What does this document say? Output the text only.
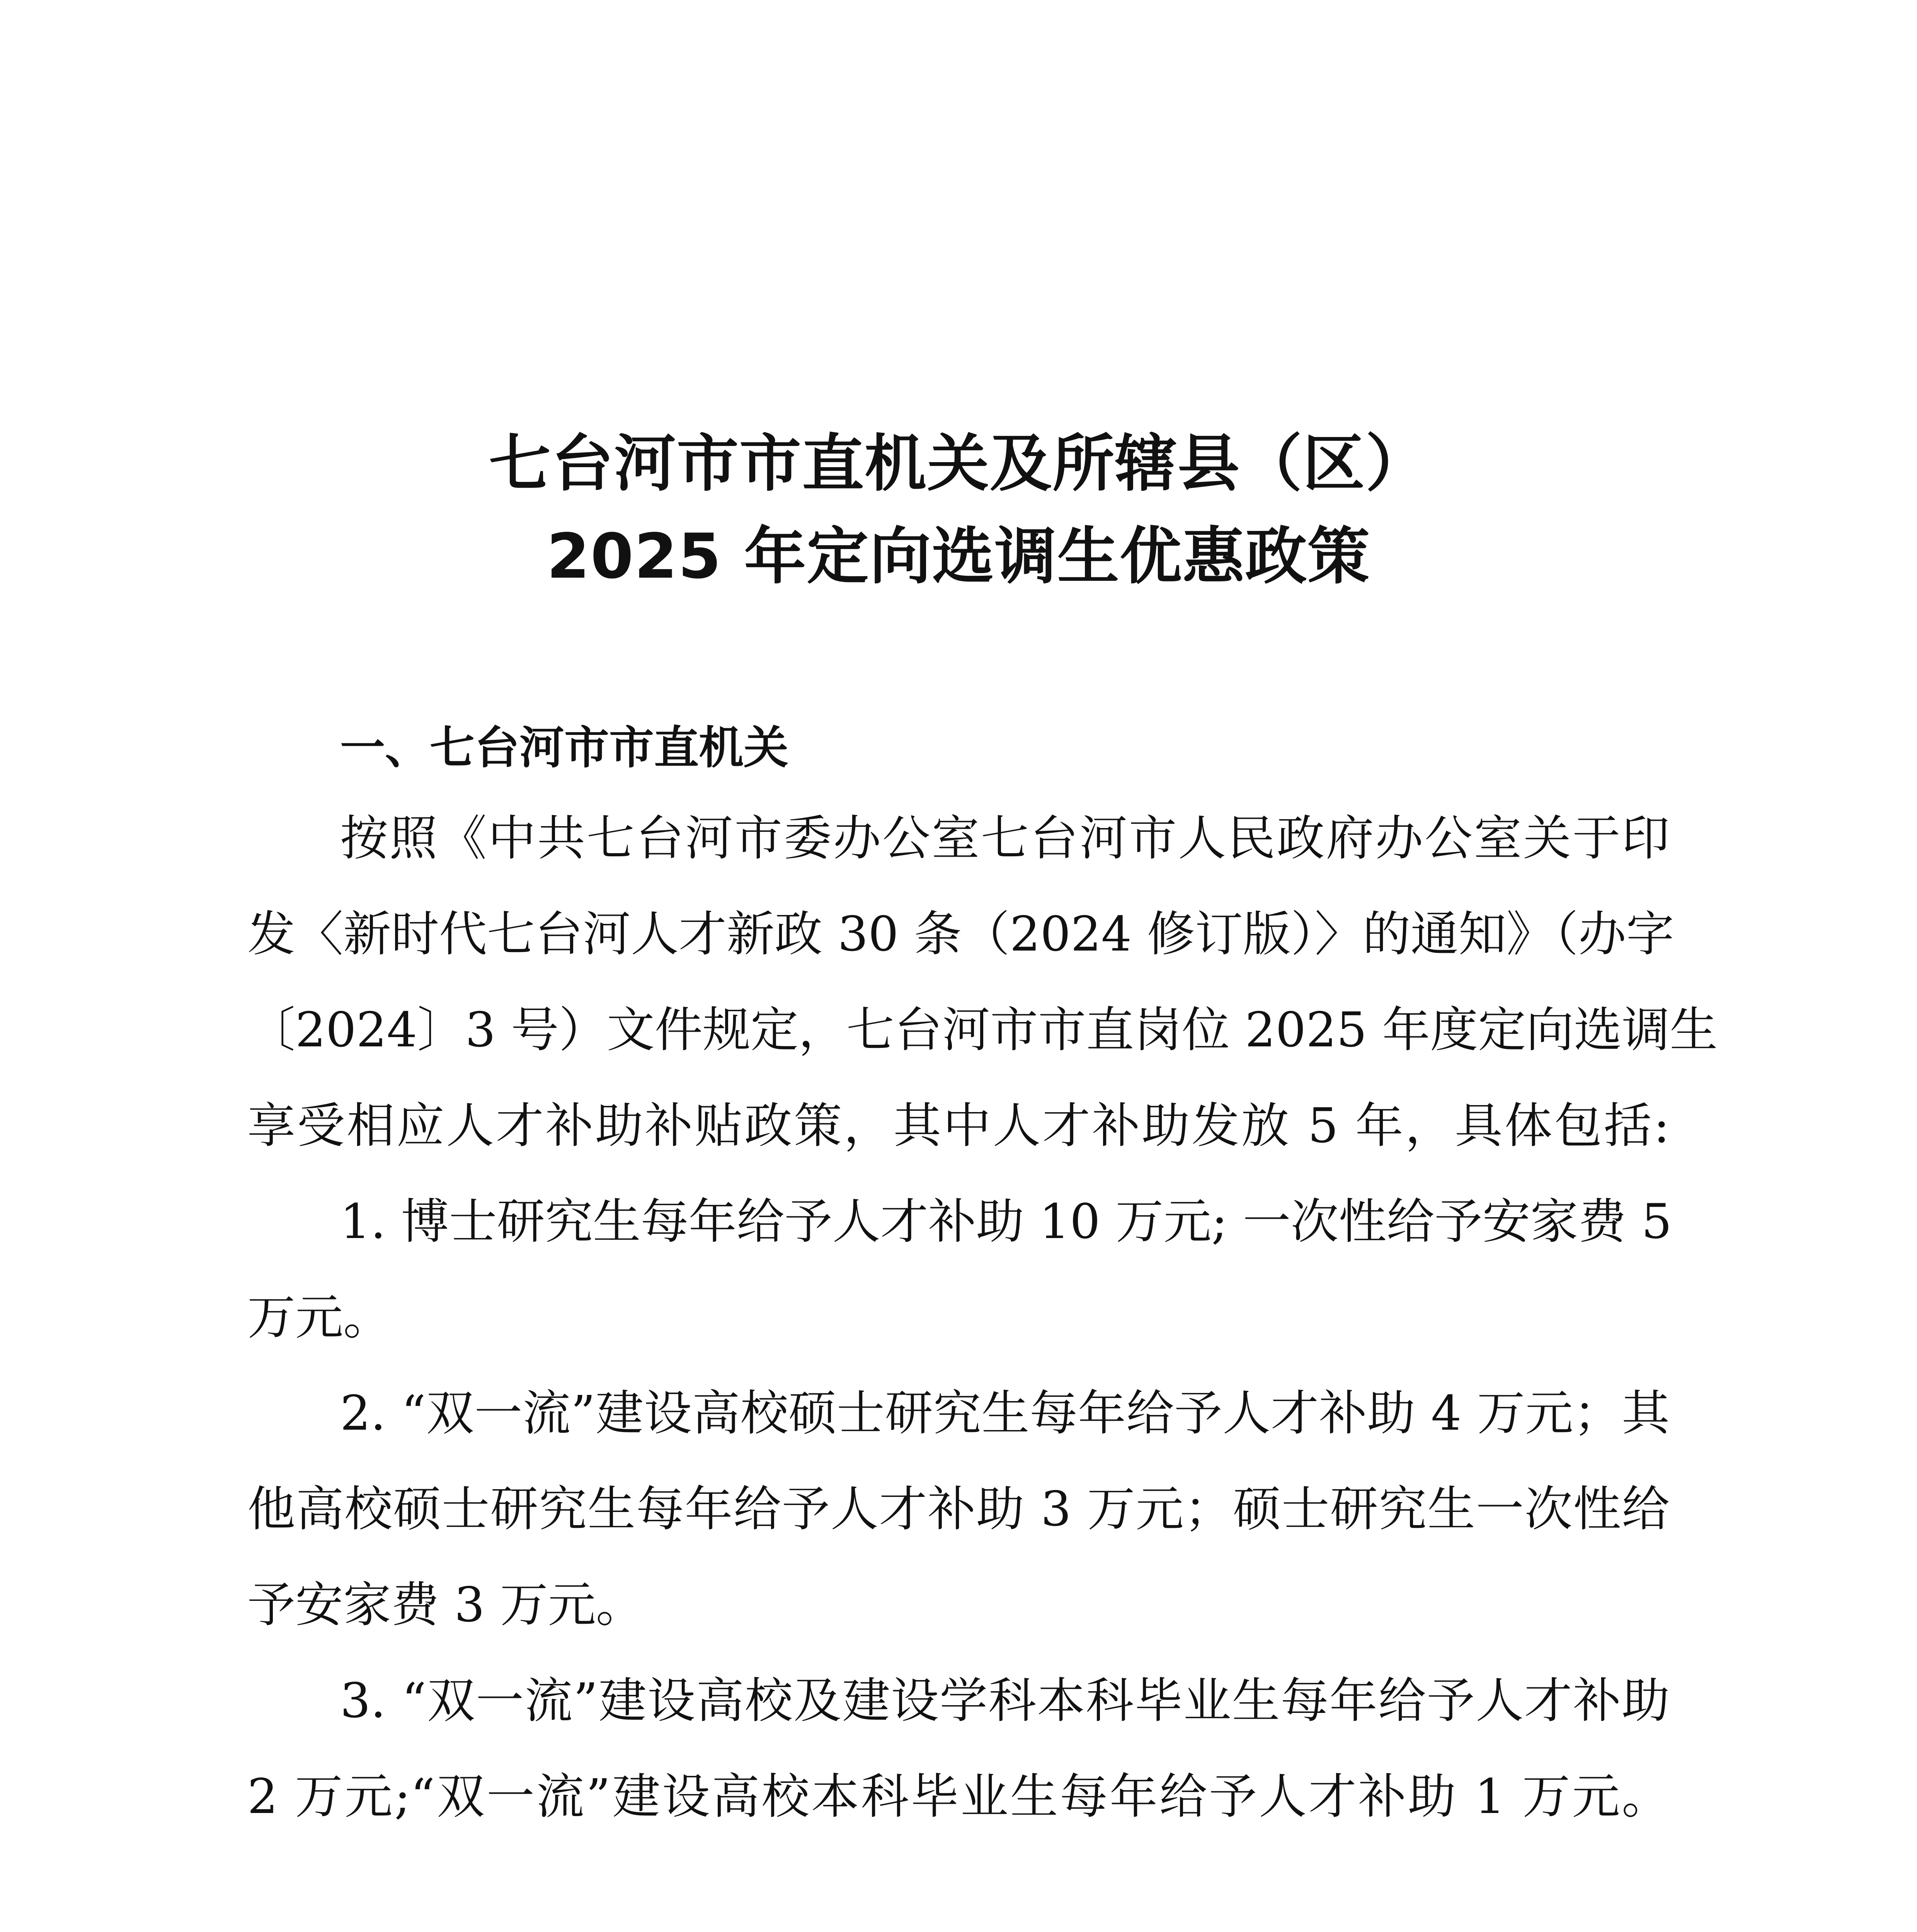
七台河市市直机关及所辖县（区）
2025 年定向选调生优惠政策
一、七台河市市直机关
按照《中共七台河市委办公室七台河市人民政府办公室关于印
发〈新时代七台河人才新政 30 条（2024 修订版）〉的通知》（办字
〔2024〕3 号）文件规定，七台河市市直岗位 2025 年度定向选调生
享受相应人才补助补贴政策，其中人才补助发放 5 年，具体包括:
1. 博士研究生每年给予人才补助 10 万元; 一次性给予安家费 5
万元。
2. “双一流”建设高校硕士研究生每年给予人才补助 4 万元；其
他高校硕士研究生每年给予人才补助 3 万元；硕士研究生一次性给
予安家费 3 万元。
3. “双一流”建设高校及建设学科本科毕业生每年给予人才补助
2 万元;“双一流”建设高校本科毕业生每年给予人才补助 1 万元。
